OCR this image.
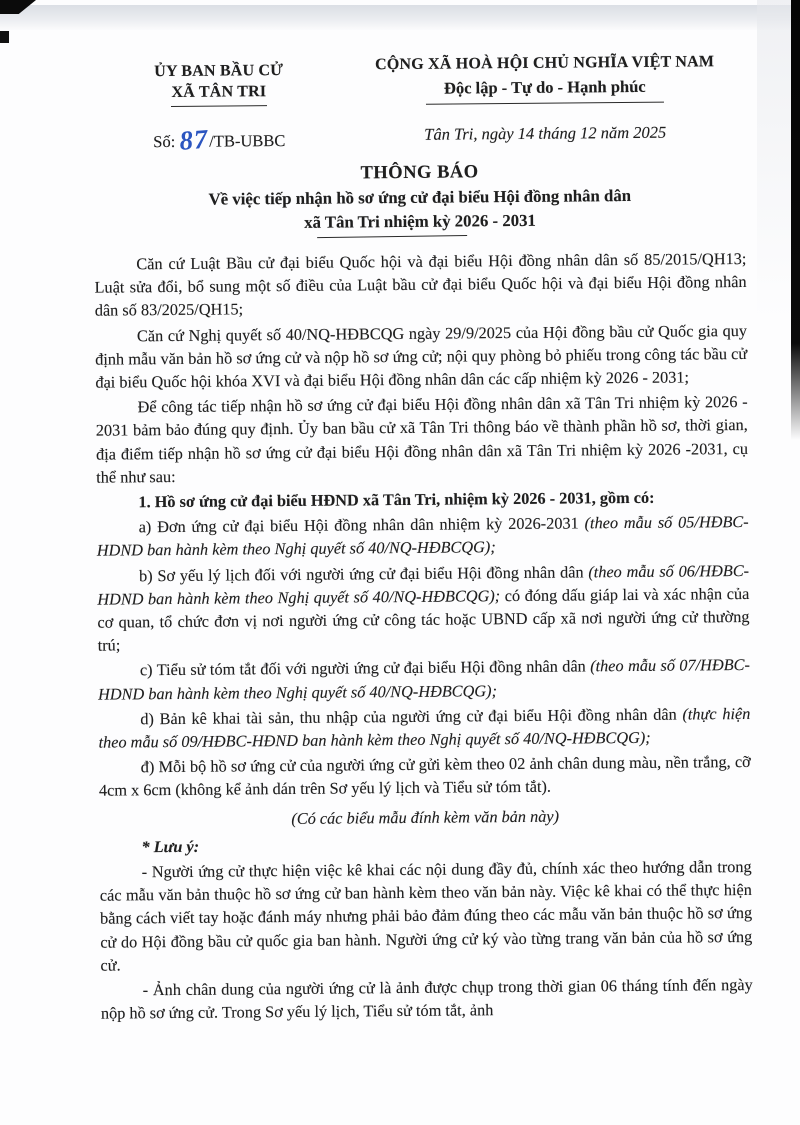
ỦY BAN BẦU CỬ
XÃ TÂN TRI
Số: 87/TB-UBBC
CỘNG XÃ HOÀ HỘI CHỦ NGHĨA VIỆT NAM
Độc lập - Tự do - Hạnh phúc
Tân Tri, ngày 14 tháng 12 năm 2025
THÔNG BÁO
Về việc tiếp nhận hồ sơ ứng cử đại biểu Hội đồng nhân dân
xã Tân Tri nhiệm kỳ 2026 - 2031

Căn cứ Luật Bầu cử đại biểu Quốc hội và đại biểu Hội đồng nhân dân số 85/2015/QH13; Luật sửa đổi, bổ sung một số điều của Luật bầu cử đại biểu Quốc hội và đại biểu Hội đồng nhân dân số 83/2025/QH15;

Căn cứ Nghị quyết số 40/NQ-HĐBCQG ngày 29/9/2025 của Hội đồng bầu cử Quốc gia quy định mẫu văn bản hồ sơ ứng cử và nộp hồ sơ ứng cử; nội quy phòng bỏ phiếu trong công tác bầu cử đại biểu Quốc hội khóa XVI và đại biểu Hội đồng nhân dân các cấp nhiệm kỳ 2026 - 2031;

Để công tác tiếp nhận hồ sơ ứng cử đại biểu Hội đồng nhân dân xã Tân Tri nhiệm kỳ 2026 - 2031 bảm bảo đúng quy định. Ủy ban bầu cử xã Tân Tri thông báo về thành phần hồ sơ, thời gian, địa điểm tiếp nhận hồ sơ ứng cử đại biểu Hội đồng nhân dân xã Tân Tri nhiệm kỳ 2026 -2031, cụ thể như sau:

1. Hồ sơ ứng cử đại biểu HĐND xã Tân Tri, nhiệm kỳ 2026 - 2031, gồm có:

a) Đơn ứng cử đại biểu Hội đồng nhân dân nhiệm kỳ 2026-2031 (theo mẫu số 05/HĐBC-HDND ban hành kèm theo Nghị quyết số 40/NQ-HĐBCQG);

b) Sơ yếu lý lịch đối với người ứng cử đại biểu Hội đồng nhân dân (theo mẫu số 06/HĐBC-HDND ban hành kèm theo Nghị quyết số 40/NQ-HĐBCQG); có đóng dấu giáp lai và xác nhận của cơ quan, tổ chức đơn vị nơi người ứng cử công tác hoặc UBND cấp xã nơi người ứng cử thường trú;

c) Tiểu sử tóm tắt đối với người ứng cử đại biểu Hội đồng nhân dân (theo mẫu số 07/HĐBC-HDND ban hành kèm theo Nghị quyết số 40/NQ-HĐBCQG);

d) Bản kê khai tài sản, thu nhập của người ứng cử đại biểu Hội đồng nhân dân (thực hiện theo mẫu số 09/HĐBC-HĐND ban hành kèm theo Nghị quyết số 40/NQ-HĐBCQG);

đ) Mỗi bộ hồ sơ ứng cử của người ứng cử gửi kèm theo 02 ảnh chân dung màu, nền trắng, cỡ 4cm x 6cm (không kể ảnh dán trên Sơ yếu lý lịch và Tiểu sử tóm tắt).

(Có các biểu mẫu đính kèm văn bản này)

* Lưu ý:

- Người ứng cử thực hiện việc kê khai các nội dung đầy đủ, chính xác theo hướng dẫn trong các mẫu văn bản thuộc hồ sơ ứng cử ban hành kèm theo văn bản này. Việc kê khai có thể thực hiện bằng cách viết tay hoặc đánh máy nhưng phải bảo đảm đúng theo các mẫu văn bản thuộc hồ sơ ứng cử do Hội đồng bầu cử quốc gia ban hành. Người ứng cử ký vào từng trang văn bản của hồ sơ ứng cử.

- Ảnh chân dung của người ứng cử là ảnh được chụp trong thời gian 06 tháng tính đến ngày nộp hồ sơ ứng cử. Trong Sơ yếu lý lịch, Tiểu sử tóm tắt, ảnh
